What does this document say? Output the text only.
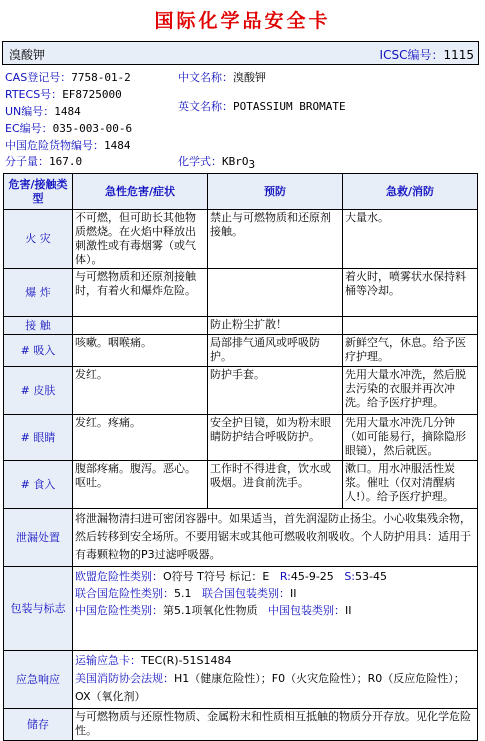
国际化学品安全卡
溴酸钾	ICSC编号：1115
CAS登记号：7758-01-2
RTECS号：EF8725000
UN编号：1484
EC编号：035-003-00-6
中国危险货物编号：1484
分子量：167.0
中文名称：溴酸钾
英文名称：POTASSIUM BROMATE
化学式：KBrO$_3$
危害/接触类型	急性危害/症状	预防	急救/消防
火 灾	不可燃，但可助长其他物质燃烧。在火焰中释放出刺激性或有毒烟雾（或气体）。	禁止与可燃物质和还原剂接触。	大量水。
爆 炸	与可燃物质和还原剂接触时，有着火和爆炸危险。		着火时，喷雾状水保持料桶等冷却。
接 触		防止粉尘扩散！	
# 吸入	咳嗽。咽喉痛。	局部排气通风或呼吸防护。	新鲜空气，休息。给予医疗护理。
# 皮肤	发红。	防护手套。	先用大量水冲洗，然后脱去污染的衣服并再次冲洗。给予医疗护理。
# 眼睛	发红。疼痛。	安全护目镜，如为粉末眼睛防护结合呼吸防护。	先用大量水冲洗几分钟（如可能易行，摘除隐形眼镜），然后就医。
# 食入	腹部疼痛。腹泻。恶心。呕吐。	工作时不得进食，饮水或吸烟。进食前洗手。	漱口。用水冲服活性炭浆。催吐（仅对清醒病人!）。给予医疗护理。
泄漏处置	将泄漏物清扫进可密闭容器中。如果适当，首先润湿防止扬尘。小心收集残余物，然后转移到安全场所。不要用锯末或其他可燃吸收剂吸收。个人防护用具：适用于有毒颗粒物的P3过滤呼吸器。		
包装与标志	欧盟危险性类别：O符号 T符号 标记：E R:45-9-25 S:53-45
联合国危险性类别：5.1 联合国包装类别：II
中国危险性类别：第5.1项氧化性物质 中国包装类别：II		

应急响应	运输应急卡：TEC(R)-51S1484
美国消防协会法规：H1（健康危险性）；F0（火灾危险性）；R0（反应危险性）；OX（氧化剂）		

储存	与可燃物质与还原性物质、金属粉末和性质相互抵触的物质分开存放。见化学危险性。		
